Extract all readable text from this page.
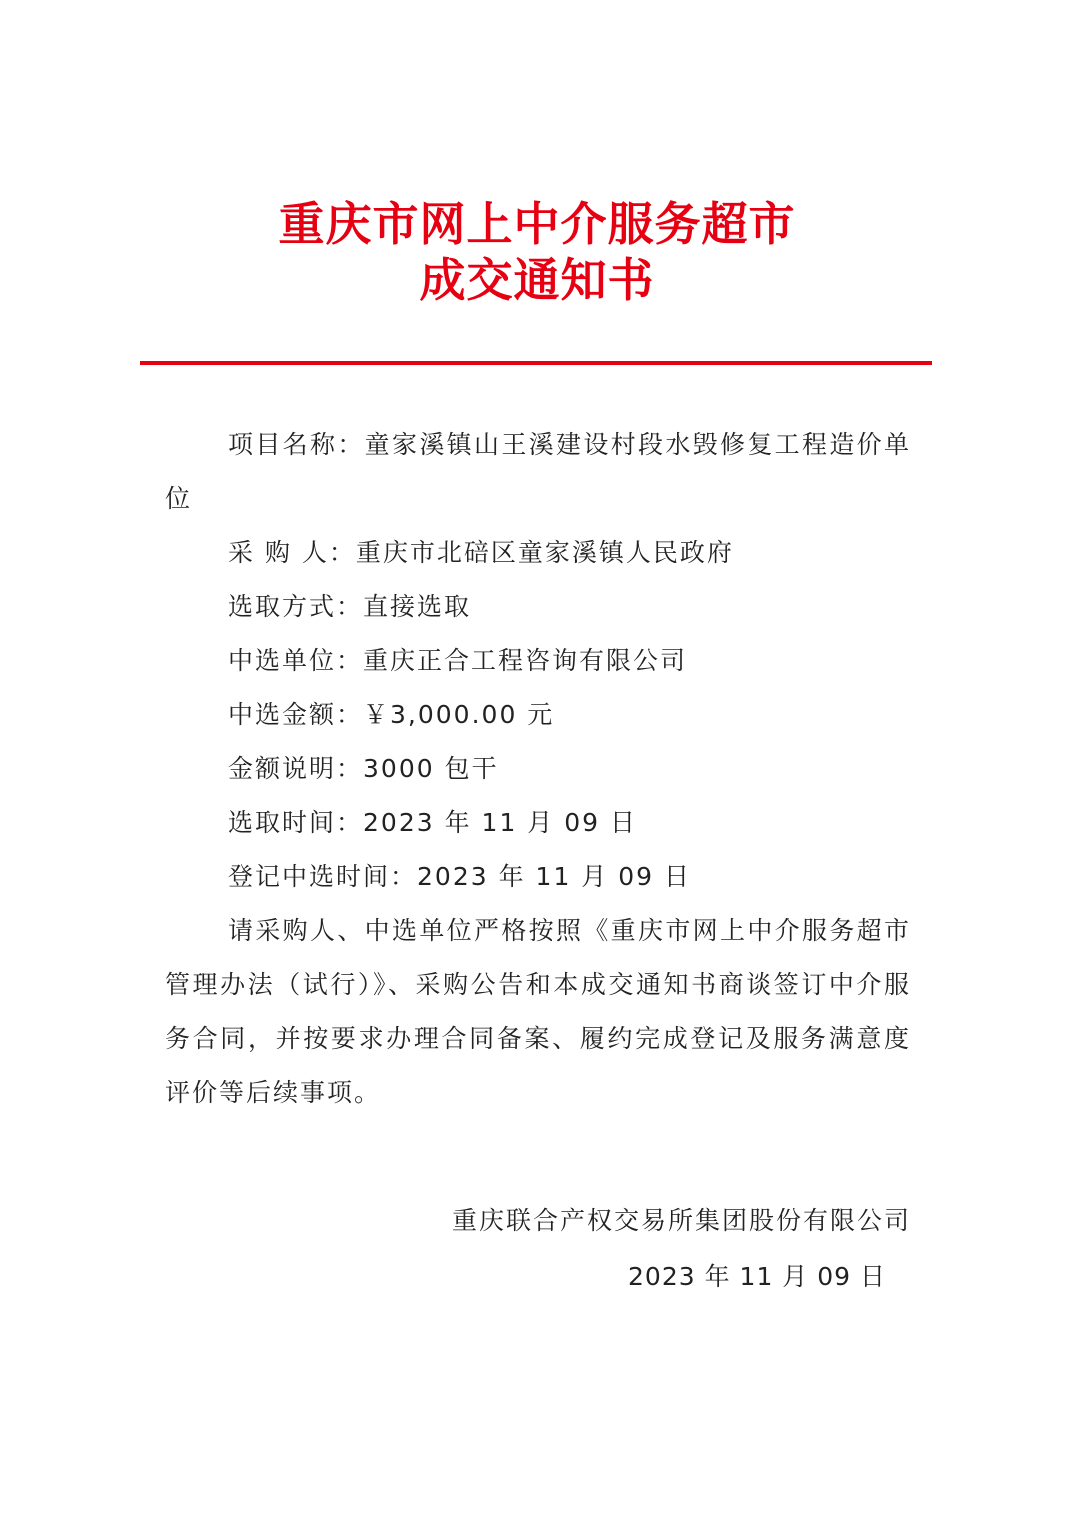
重庆市网上中介服务超市
成交通知书
项目名称：童家溪镇山王溪建设村段水毁修复工程造价单位
采 购 人：重庆市北碚区童家溪镇人民政府
选取方式：直接选取
中选单位：重庆正合工程咨询有限公司
中选金额：￥3,000.00 元
金额说明：3000 包干
选取时间：2023 年 11 月 09 日
登记中选时间：2023 年 11 月 09 日
请采购人、中选单位严格按照《重庆市网上中介服务超市管理办法（试行）》、采购公告和本成交通知书商谈签订中介服务合同，并按要求办理合同备案、履约完成登记及服务满意度评价等后续事项。
重庆联合产权交易所集团股份有限公司
2023 年 11 月 09 日
